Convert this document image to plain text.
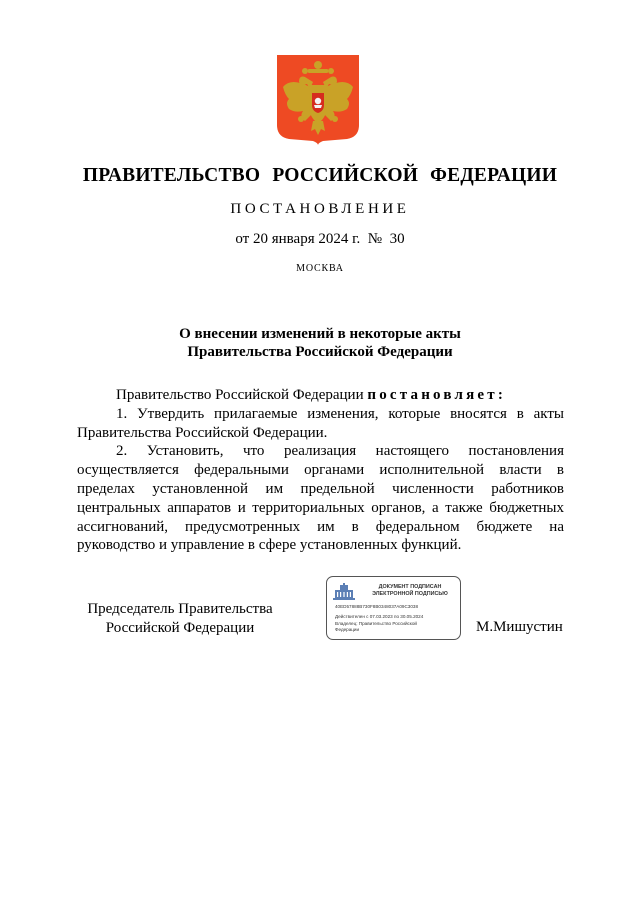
ПРАВИТЕЛЬСТВО РОССИЙСКОЙ ФЕДЕРАЦИИ
ПОСТАНОВЛЕНИЕ
от 20 января 2024 г.  №  30
МОСКВА
О внесении изменений в некоторые акты
Правительства Российской Федерации

Правительство Российской Федерации постановляет:

1. Утвердить прилагаемые изменения, которые вносятся в акты Правительства Российской Федерации.

2. Установить, что реализация настоящего постановления осуществляется федеральными органами исполнительной власти в пределах установленной им предельной численности работников центральных аппаратов и территориальных органов, а также бюджетных ассигнований, предусмотренных им в федеральном бюджете на руководство и управление в сфере установленных функций.

Председатель Правительства
Российской Федерации
ДОКУМЕНТ ПОДПИСАН
ЭЛЕКТРОННОЙ ПОДПИСЬЮ
40ED57888B730F8B0348037A09C3038
Действителен с 07.03.2023 по 30.05.2024
Владелец: Правительство Российской
Федерации	М.Мишустин
